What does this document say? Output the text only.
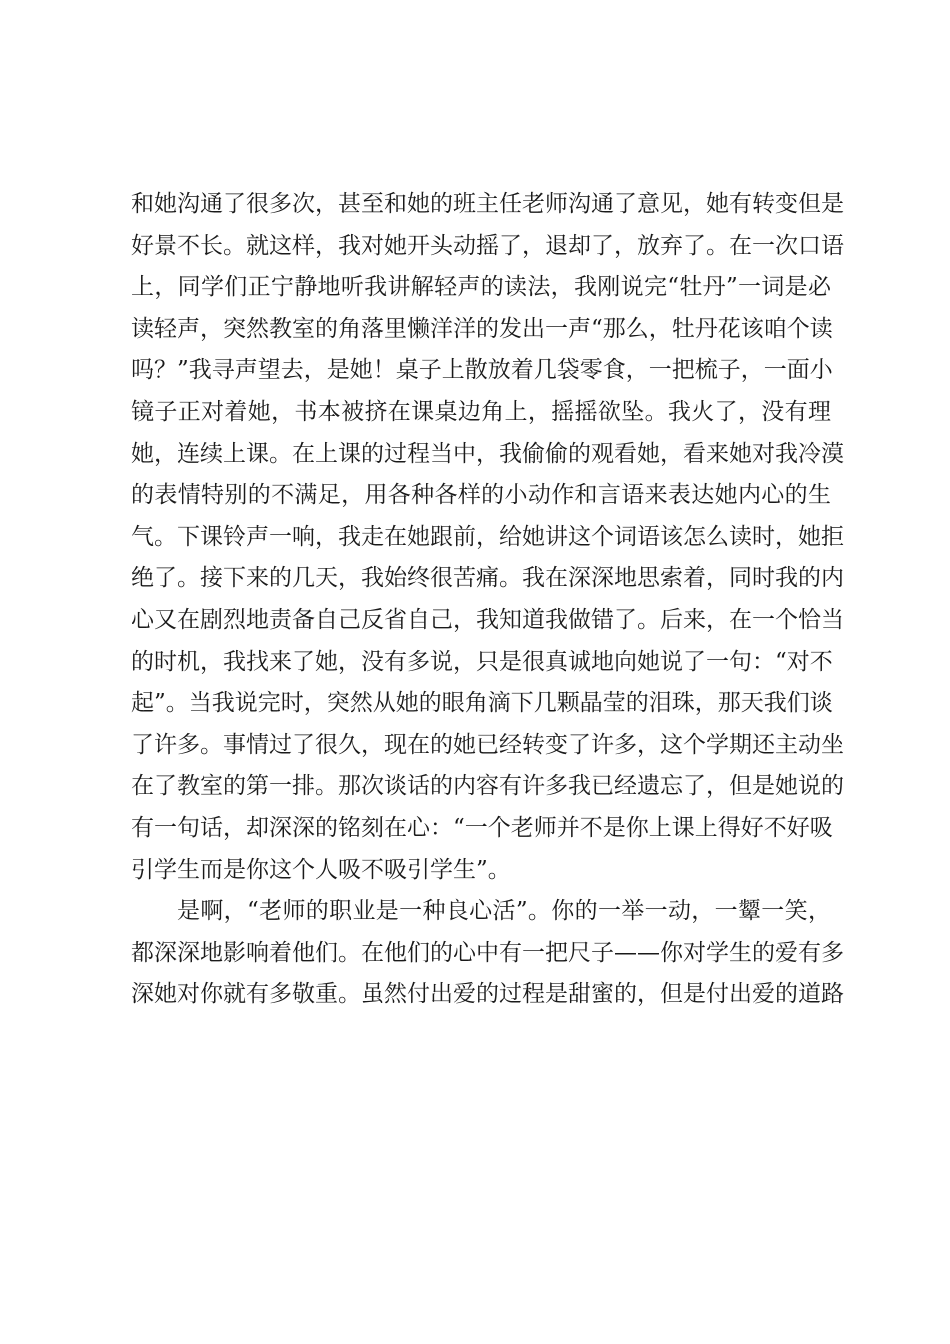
和她沟通了很多次，甚至和她的班主任老师沟通了意见，她有转变但是
好景不长。就这样，我对她开头动摇了，退却了，放弃了。在一次口语
上，同学们正宁静地听我讲解轻声的读法，我刚说完“牡丹”一词是必
读轻声，突然教室的角落里懒洋洋的发出一声“那么，牡丹花该咱个读
吗？”我寻声望去，是她！桌子上散放着几袋零食，一把梳子，一面小
镜子正对着她，书本被挤在课桌边角上，摇摇欲坠。我火了，没有理
她，连续上课。在上课的过程当中，我偷偷的观看她，看来她对我冷漠
的表情特别的不满足，用各种各样的小动作和言语来表达她内心的生
气。下课铃声一响，我走在她跟前，给她讲这个词语该怎么读时，她拒
绝了。接下来的几天，我始终很苦痛。我在深深地思索着，同时我的内
心又在剧烈地责备自己反省自己，我知道我做错了。后来，在一个恰当
的时机，我找来了她，没有多说，只是很真诚地向她说了一句：“对不
起”。当我说完时，突然从她的眼角滴下几颗晶莹的泪珠，那天我们谈
了许多。事情过了很久，现在的她已经转变了许多，这个学期还主动坐
在了教室的第一排。那次谈话的内容有许多我已经遗忘了，但是她说的
有一句话，却深深的铭刻在心：“一个老师并不是你上课上得好不好吸
引学生而是你这个人吸不吸引学生”。
是啊，“老师的职业是一种良心活”。你的一举一动，一颦一笑，
都深深地影响着他们。在他们的心中有一把尺子——你对学生的爱有多
深她对你就有多敬重。虽然付出爱的过程是甜蜜的，但是付出爱的道路
